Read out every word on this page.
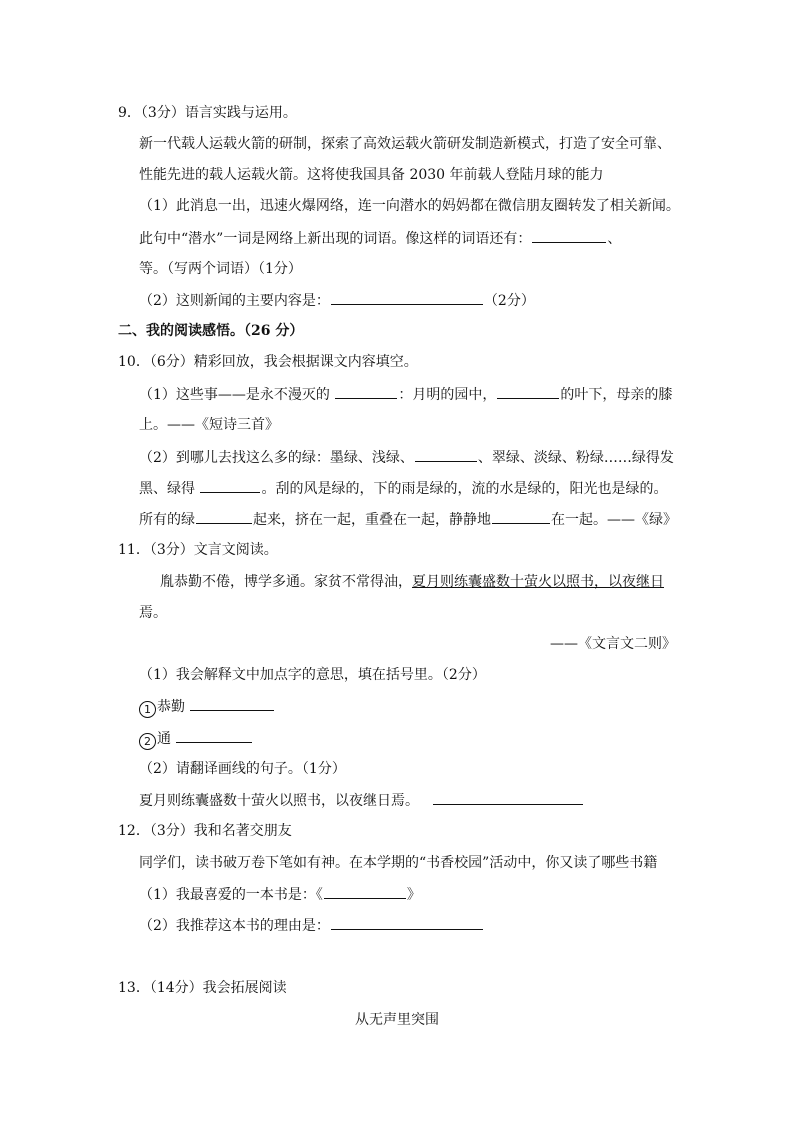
9．（3分）语言实践与运用。
新一代载人运载火箭的研制，探索了高效运载火箭研发制造新模式，打造了安全可靠、
性能先进的载人运载火箭。这将使我国具备 2030 年前载人登陆月球的能力
（1）此消息一出，迅速火爆网络，连一向潜水的妈妈都在微信朋友圈转发了相关新闻。
此句中“潜水”一词是网络上新出现的词语。像这样的词语还有：	、
等。（写两个词语）（1分）
（2）这则新闻的主要内容是：	（2分）
二、我的阅读感悟。（26 分）
10．（6分）精彩回放，我会根据课文内容填空。
（1）这些事——是永不漫灭的	：月明的园中，	的叶下，母亲的膝
上。——《短诗三首》
（2）到哪儿去找这么多的绿：墨绿、浅绿、	、翠绿、淡绿、粉绿……绿得发
黑、绿得	。刮的风是绿的，下的雨是绿的，流的水是绿的，阳光也是绿的。
所有的绿	起来，挤在一起，重叠在一起，静静地	在一起。——《绿》
11．（3分）文言文阅读。
胤恭勤不倦，博学多通。家贫不常得油，夏月则练囊盛数十萤火以照书，以夜继日
焉。
——《文言文二则》
（1）我会解释文中加点字的意思，填在括号里。（2分）
1 恭勤
2 通
（2）请翻译画线的句子。（1分）
夏月则练囊盛数十萤火以照书，以夜继日焉。
12．（3分）我和名著交朋友
同学们，读书破万卷下笔如有神。在本学期的“书香校园”活动中，你又读了哪些书籍
（1）我最喜爱的一本书是：《	》
（2）我推荐这本书的理由是：
13．（14分）我会拓展阅读
从无声里突围
